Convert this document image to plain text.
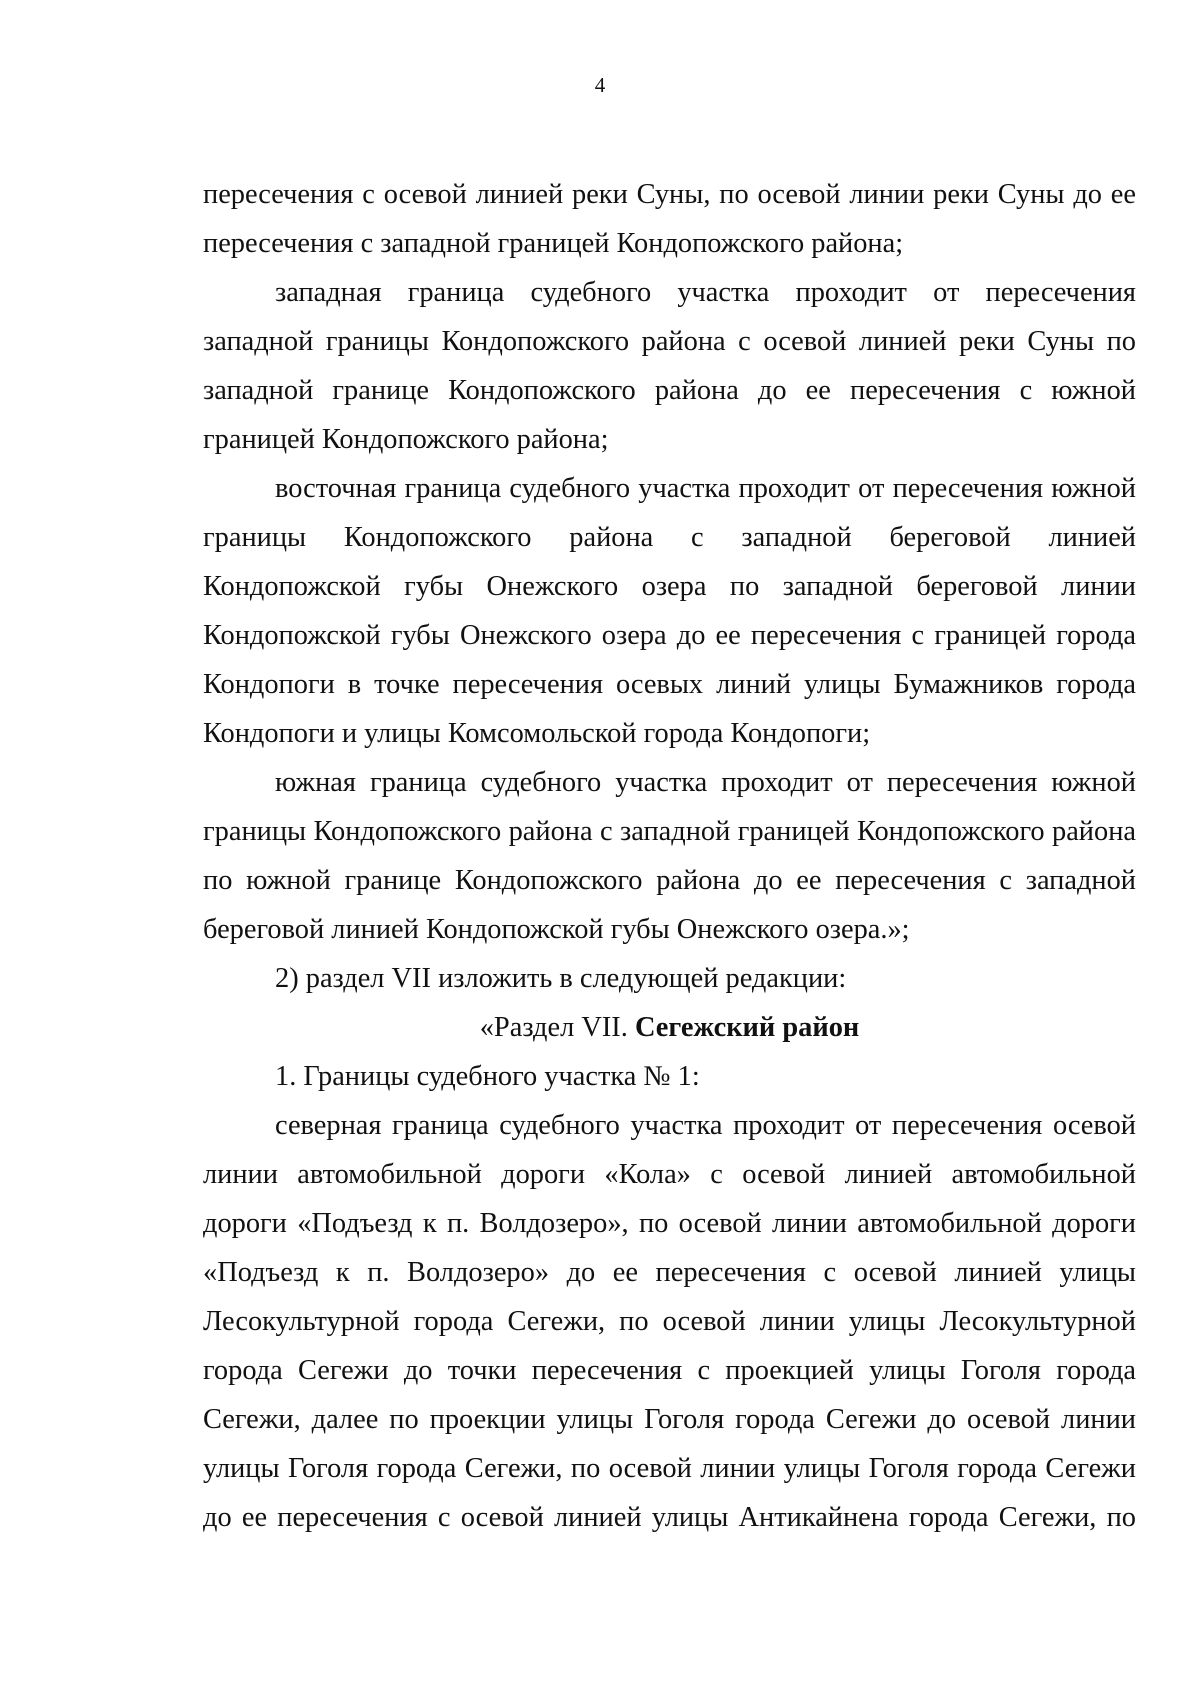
4

пересечения с осевой линией реки Суны, по осевой линии реки Суны до ее пересечения с западной границей Кондопожского района;

западная граница судебного участка проходит от пересечения западной границы Кондопожского района с осевой линией реки Суны по западной границе Кондопожского района до ее пересечения с южной границей Кондопожского района;

восточная граница судебного участка проходит от пересечения южной границы Кондопожского района с западной береговой линией Кондопожской губы Онежского озера по западной береговой линии Кондопожской губы Онежского озера до ее пересечения с границей города Кондопоги в точке пересечения осевых линий улицы Бумажников города Кондопоги и улицы Комсомольской города Кондопоги;

южная граница судебного участка проходит от пересечения южной границы Кондопожского района с западной границей Кондопожского района по южной границе Кондопожского района до ее пересечения с западной береговой линией Кондопожской губы Онежского озера.»;

2) раздел VII изложить в следующей редакции:

«Раздел VII. Сегежский район

1. Границы судебного участка № 1:

северная граница судебного участка проходит от пересечения осевой линии автомобильной дороги «Кола» с осевой линией автомобильной дороги «Подъезд к п. Волдозеро», по осевой линии автомобильной дороги «Подъезд к п. Волдозеро» до ее пересечения с осевой линией улицы Лесокультурной города Сегежи, по осевой линии улицы Лесокультурной города Сегежи до точки пересечения с проекцией улицы Гоголя города Сегежи, далее по проекции улицы Гоголя города Сегежи до осевой линии улицы Гоголя города Сегежи, по осевой линии улицы Гоголя города Сегежи до ее пересечения с осевой линией улицы Антикайнена города Сегежи, по
